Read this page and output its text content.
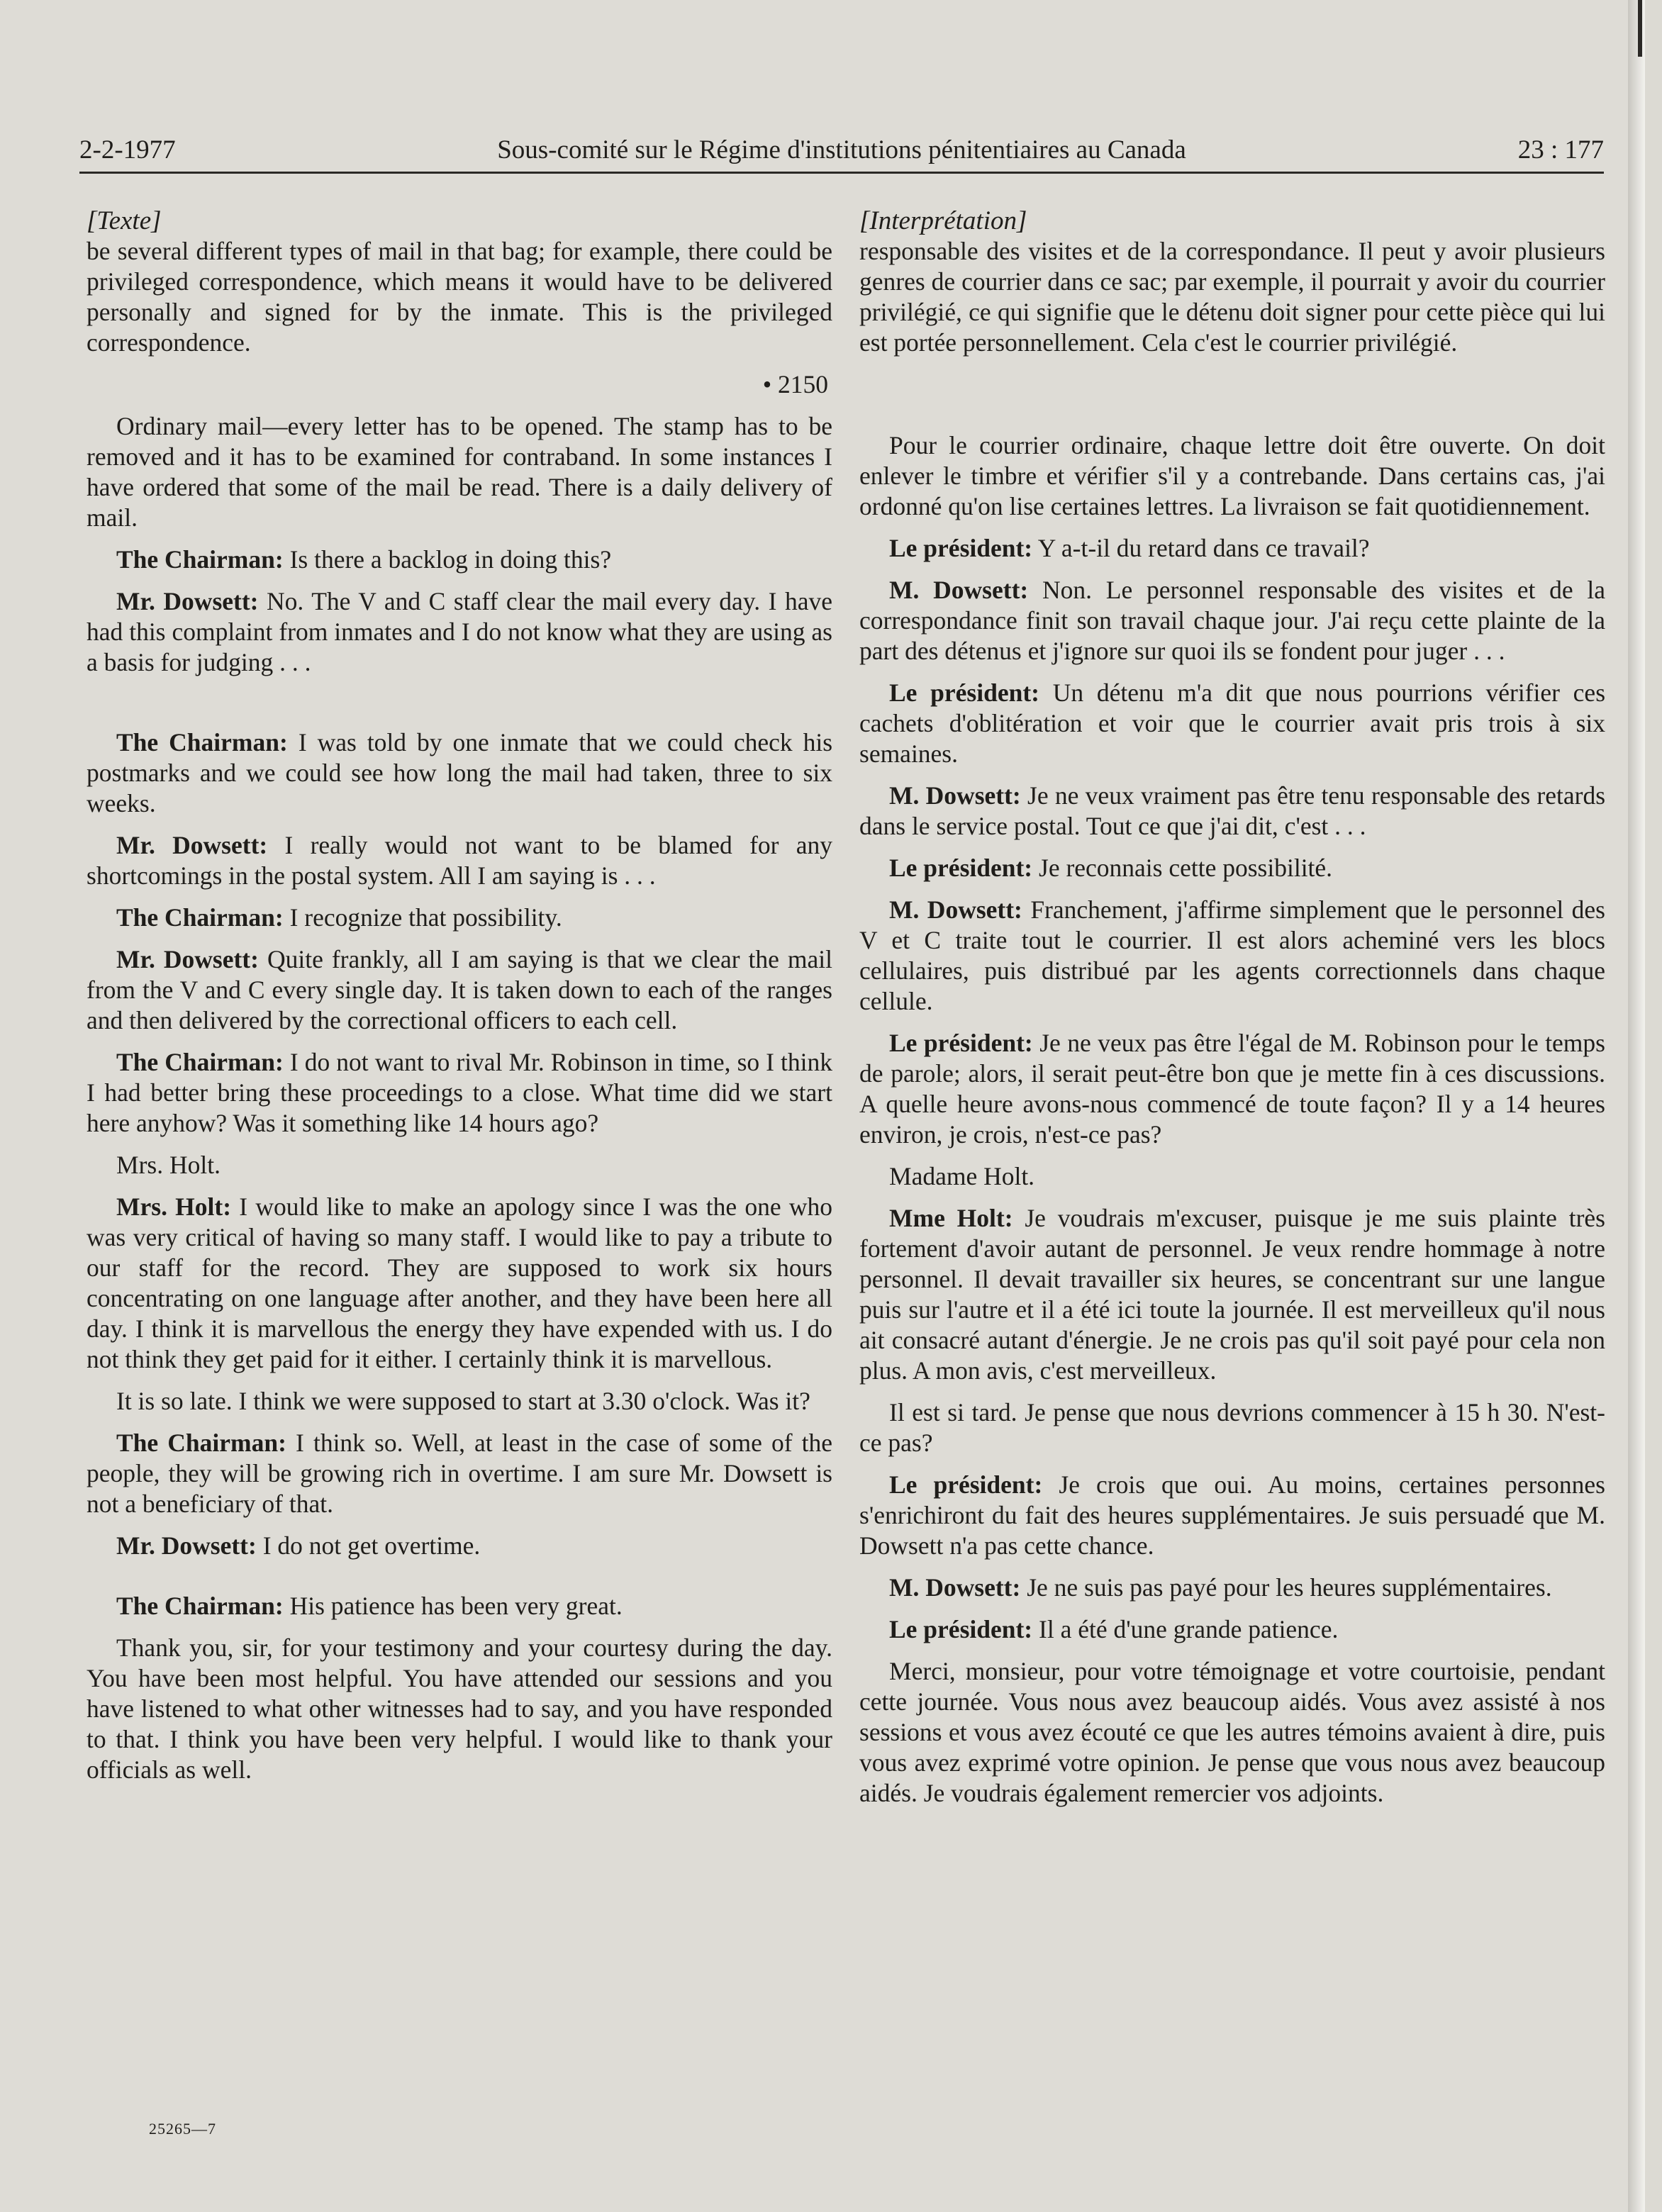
2-2-1977	Sous-comité sur le Régime d'institutions pénitentiaires au Canada	23 : 177

[Texte]

be several different types of mail in that bag; for example, there could be privileged correspondence, which means it would have to be delivered personally and signed for by the inmate. This is the privileged correspondence.

• 2150

Ordinary mail—every letter has to be opened. The stamp has to be removed and it has to be examined for contraband. In some instances I have ordered that some of the mail be read. There is a daily delivery of mail.

The Chairman: Is there a backlog in doing this?

Mr. Dowsett: No. The V and C staff clear the mail every day. I have had this complaint from inmates and I do not know what they are using as a basis for judging . . .

The Chairman: I was told by one inmate that we could check his postmarks and we could see how long the mail had taken, three to six weeks.

Mr. Dowsett: I really would not want to be blamed for any shortcomings in the postal system. All I am saying is . . .

The Chairman: I recognize that possibility.

Mr. Dowsett: Quite frankly, all I am saying is that we clear the mail from the V and C every single day. It is taken down to each of the ranges and then delivered by the correctional officers to each cell.

The Chairman: I do not want to rival Mr. Robinson in time, so I think I had better bring these proceedings to a close. What time did we start here anyhow? Was it something like 14 hours ago?

Mrs. Holt.

Mrs. Holt: I would like to make an apology since I was the one who was very critical of having so many staff. I would like to pay a tribute to our staff for the record. They are supposed to work six hours concentrating on one language after another, and they have been here all day. I think it is marvellous the energy they have expended with us. I do not think they get paid for it either. I certainly think it is marvellous.

It is so late. I think we were supposed to start at 3.30 o'clock. Was it?

The Chairman: I think so. Well, at least in the case of some of the people, they will be growing rich in overtime. I am sure Mr. Dowsett is not a beneficiary of that.

Mr. Dowsett: I do not get overtime.

The Chairman: His patience has been very great.

Thank you, sir, for your testimony and your courtesy during the day. You have been most helpful. You have attended our sessions and you have listened to what other witnesses had to say, and you have responded to that. I think you have been very helpful. I would like to thank your officials as well.

[Interprétation]

responsable des visites et de la correspondance. Il peut y avoir plusieurs genres de courrier dans ce sac; par exemple, il pourrait y avoir du courrier privilégié, ce qui signifie que le détenu doit signer pour cette pièce qui lui est portée personnellement. Cela c'est le courrier privilégié.

Pour le courrier ordinaire, chaque lettre doit être ouverte. On doit enlever le timbre et vérifier s'il y a contrebande. Dans certains cas, j'ai ordonné qu'on lise certaines lettres. La livraison se fait quotidiennement.

Le président: Y a-t-il du retard dans ce travail?

M. Dowsett: Non. Le personnel responsable des visites et de la correspondance finit son travail chaque jour. J'ai reçu cette plainte de la part des détenus et j'ignore sur quoi ils se fondent pour juger . . .

Le président: Un détenu m'a dit que nous pourrions vérifier ces cachets d'oblitération et voir que le courrier avait pris trois à six semaines.

M. Dowsett: Je ne veux vraiment pas être tenu responsable des retards dans le service postal. Tout ce que j'ai dit, c'est . . .

Le président: Je reconnais cette possibilité.

M. Dowsett: Franchement, j'affirme simplement que le personnel des V et C traite tout le courrier. Il est alors acheminé vers les blocs cellulaires, puis distribué par les agents correctionnels dans chaque cellule.

Le président: Je ne veux pas être l'égal de M. Robinson pour le temps de parole; alors, il serait peut-être bon que je mette fin à ces discussions. A quelle heure avons-nous commencé de toute façon? Il y a 14 heures environ, je crois, n'est-ce pas?

Madame Holt.

Mme Holt: Je voudrais m'excuser, puisque je me suis plainte très fortement d'avoir autant de personnel. Je veux rendre hommage à notre personnel. Il devait travailler six heures, se concentrant sur une langue puis sur l'autre et il a été ici toute la journée. Il est merveilleux qu'il nous ait consacré autant d'énergie. Je ne crois pas qu'il soit payé pour cela non plus. A mon avis, c'est merveilleux.

Il est si tard. Je pense que nous devrions commencer à 15 h 30. N'est-ce pas?

Le président: Je crois que oui. Au moins, certaines personnes s'enrichiront du fait des heures supplémentaires. Je suis persuadé que M. Dowsett n'a pas cette chance.

M. Dowsett: Je ne suis pas payé pour les heures supplémentaires.

Le président: Il a été d'une grande patience.

Merci, monsieur, pour votre témoignage et votre courtoisie, pendant cette journée. Vous nous avez beaucoup aidés. Vous avez assisté à nos sessions et vous avez écouté ce que les autres témoins avaient à dire, puis vous avez exprimé votre opinion. Je pense que vous nous avez beaucoup aidés. Je voudrais également remercier vos adjoints.

25265—7
